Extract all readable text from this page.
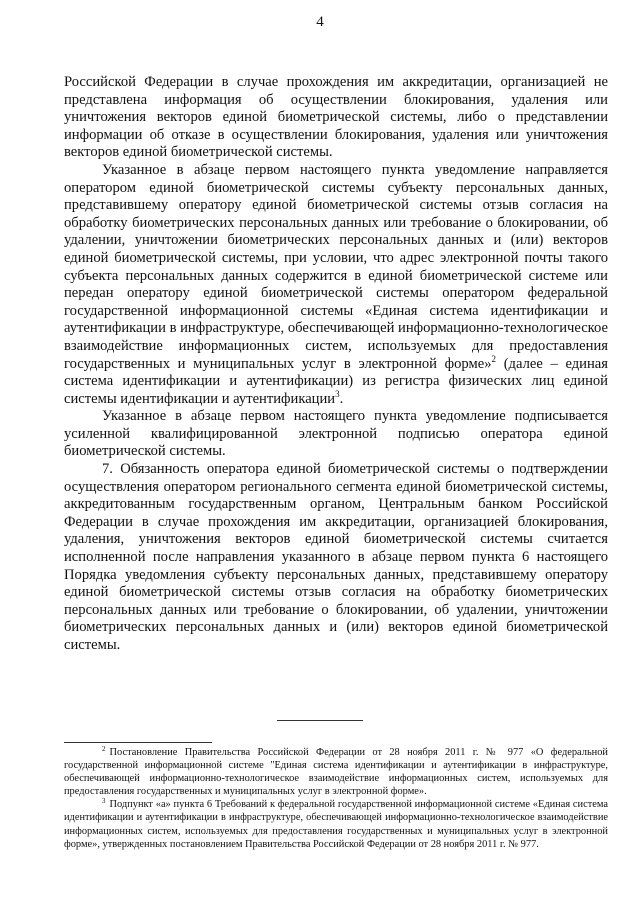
4

Российской Федерации в случае прохождения им аккредитации, организацией не представлена информация об осуществлении блокирования, удаления или уничтожения векторов единой биометрической системы, либо о представлении информации об отказе в осуществлении блокирования, удаления или уничтожения векторов единой биометрической системы.

Указанное в абзаце первом настоящего пункта уведомление направляется оператором единой биометрической системы субъекту персональных данных, представившему оператору единой биометрической системы отзыв согласия на обработку биометрических персональных данных или требование о блокировании, об удалении, уничтожении биометрических персональных данных и (или) векторов единой биометрической системы, при условии, что адрес электронной почты такого субъекта персональных данных содержится в единой биометрической системе или передан оператору единой биометрической системы оператором федеральной государственной информационной системы «Единая система идентификации и аутентификации в инфраструктуре, обеспечивающей информационно-технологическое взаимодействие информационных систем, используемых для предоставления государственных и муниципальных услуг в электронной форме»$^2$ (далее – единая система идентификации и аутентификации) из регистра физических лиц единой системы идентификации и аутентификации$^3$.

Указанное в абзаце первом настоящего пункта уведомление подписывается усиленной квалифицированной электронной подписью оператора единой биометрической системы.

7. Обязанность оператора единой биометрической системы о подтверждении осуществления оператором регионального сегмента единой биометрической системы, аккредитованным государственным органом, Центральным банком Российской Федерации в случае прохождения им аккредитации, организацией блокирования, удаления, уничтожения векторов единой биометрической системы считается исполненной после направления указанного в абзаце первом пункта 6 настоящего Порядка уведомления субъекту персональных данных, представившему оператору единой биометрической системы отзыв согласия на обработку биометрических персональных данных или требование о блокировании, об удалении, уничтожении биометрических персональных данных и (или) векторов единой биометрической системы.

$^2$ Постановление Правительства Российской Федерации от 28 ноября 2011 г. № 977 «О федеральной государственной информационной системе "Единая система идентификации и аутентификации в инфраструктуре, обеспечивающей информационно-технологическое взаимодействие информационных систем, используемых для предоставления государственных и муниципальных услуг в электронной форме».

$^3$ Подпункт «а» пункта 6 Требований к федеральной государственной информационной системе «Единая система идентификации и аутентификации в инфраструктуре, обеспечивающей информационно-технологическое взаимодействие информационных систем, используемых для предоставления государственных и муниципальных услуг в электронной форме», утвержденных постановлением Правительства Российской Федерации от 28 ноября 2011 г. № 977.
